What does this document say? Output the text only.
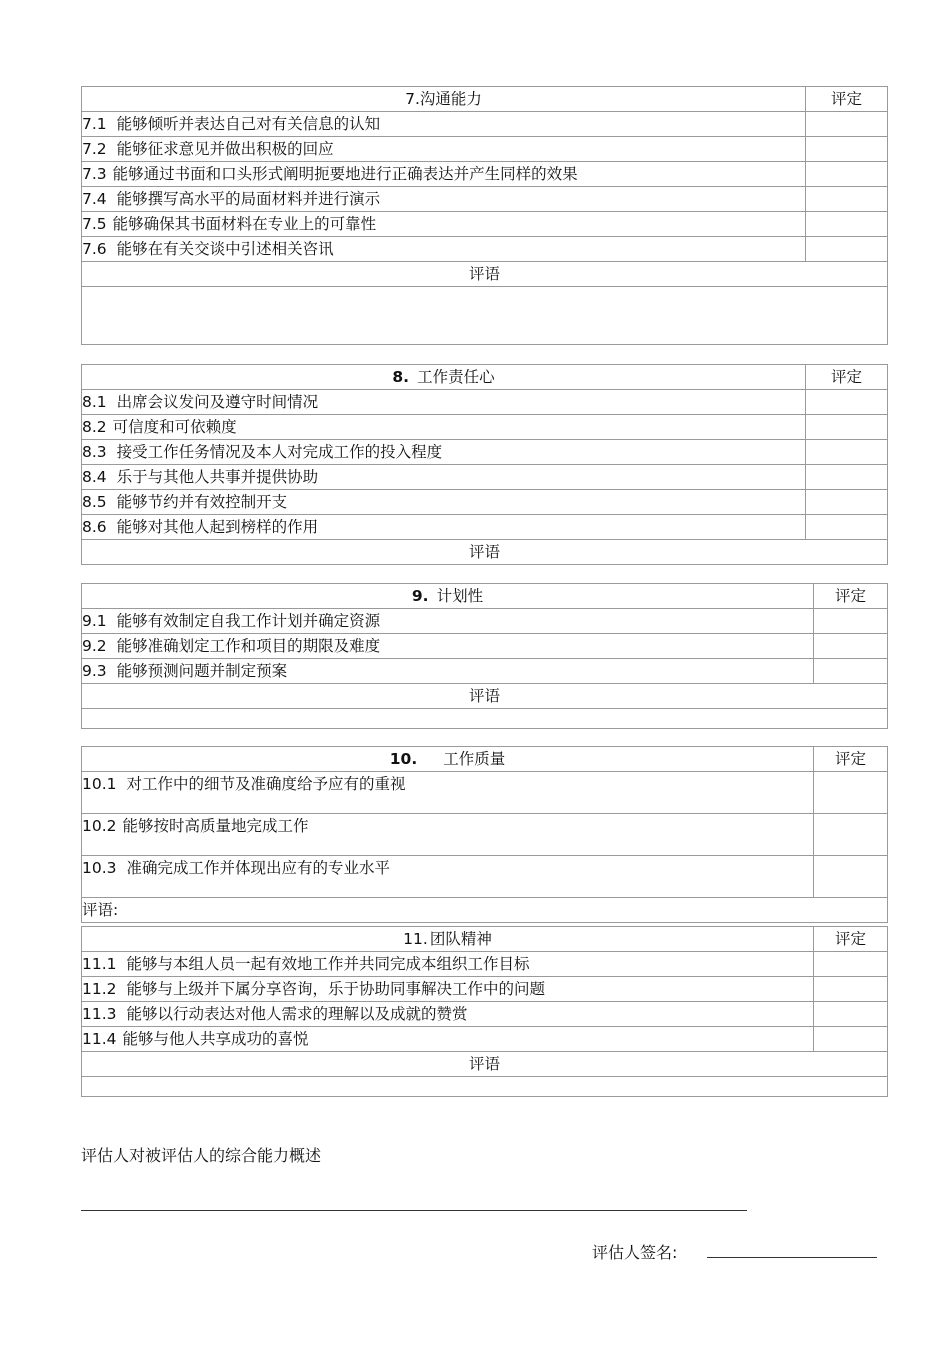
7.沟通能力	评定
7.1 能够倾听并表达自己对有关信息的认知	
7.2 能够征求意见并做出积极的回应	
7.3 能够通过书面和口头形式阐明扼要地进行正确表达并产生同样的效果	
7.4 能够撰写高水平的局面材料并进行演示	
7.5 能够确保其书面材料在专业上的可靠性	
7.6 能够在有关交谈中引述相关咨讯	
评语	

8. 工作责任心	评定
8.1 出席会议发问及遵守时间情况	
8.2 可信度和可依赖度	
8.3 接受工作任务情况及本人对完成工作的投入程度	
8.4 乐于与其他人共事并提供协助	
8.5 能够节约并有效控制开支	
8.6 能够对其他人起到榜样的作用	
评语	
9. 计划性	评定
9.1 能够有效制定自我工作计划并确定资源	
9.2 能够准确划定工作和项目的期限及难度	
9.3 能够预测问题并制定预案	
评语	

10. 工作质量	评定
10.1 对工作中的细节及准确度给予应有的重视	
10.2 能够按时高质量地完成工作	
10.3 准确完成工作并体现出应有的专业水平	
评语:	
11. 团队精神	评定
11.1 能够与本组人员一起有效地工作并共同完成本组织工作目标	
11.2 能够与上级并下属分享咨询，乐于协助同事解决工作中的问题	
11.3 能够以行动表达对他人需求的理解以及成就的赞赏	
11.4 能够与他人共享成功的喜悦	
评语	

评估人对被评估人的综合能力概述
评估人签名:
